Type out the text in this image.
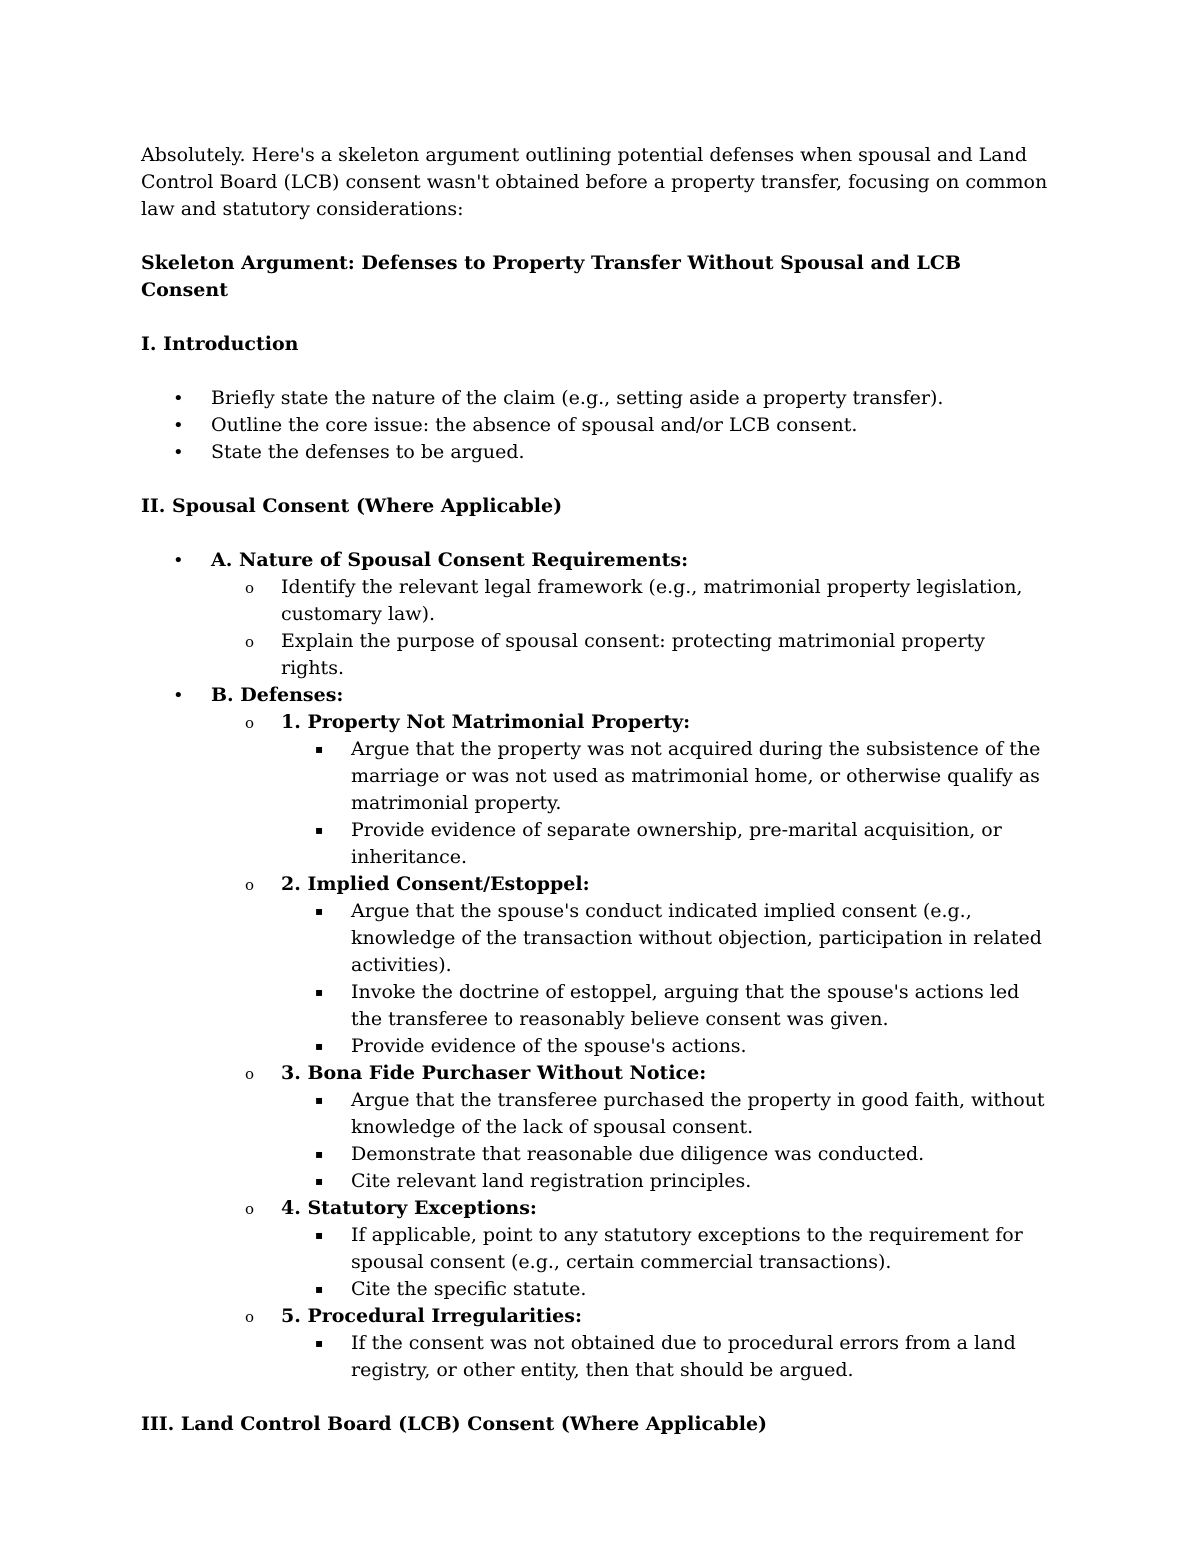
Absolutely. Here's a skeleton argument outlining potential defenses when spousal and Land Control Board (LCB) consent wasn't obtained before a property transfer, focusing on common law and statutory considerations:

Skeleton Argument: Defenses to Property Transfer Without Spousal and LCB Consent

I. Introduction

• Briefly state the nature of the claim (e.g., setting aside a property transfer).
• Outline the core issue: the absence of spousal and/or LCB consent.
• State the defenses to be argued.

II. Spousal Consent (Where Applicable)

• A. Nature of Spousal Consent Requirements:
o Identify the relevant legal framework (e.g., matrimonial property legislation, customary law).
o Explain the purpose of spousal consent: protecting matrimonial property rights.
• B. Defenses:
o 1. Property Not Matrimonial Property:
▪ Argue that the property was not acquired during the subsistence of the marriage or was not used as matrimonial home, or otherwise qualify as matrimonial property.
▪ Provide evidence of separate ownership, pre-marital acquisition, or inheritance.
o 2. Implied Consent/Estoppel:
▪ Argue that the spouse's conduct indicated implied consent (e.g., knowledge of the transaction without objection, participation in related activities).
▪ Invoke the doctrine of estoppel, arguing that the spouse's actions led the transferee to reasonably believe consent was given.
▪ Provide evidence of the spouse's actions.
o 3. Bona Fide Purchaser Without Notice:
▪ Argue that the transferee purchased the property in good faith, without knowledge of the lack of spousal consent.
▪ Demonstrate that reasonable due diligence was conducted.
▪ Cite relevant land registration principles.
o 4. Statutory Exceptions:
▪ If applicable, point to any statutory exceptions to the requirement for spousal consent (e.g., certain commercial transactions).
▪ Cite the specific statute.
o 5. Procedural Irregularities:
▪ If the consent was not obtained due to procedural errors from a land registry, or other entity, then that should be argued.

III. Land Control Board (LCB) Consent (Where Applicable)
